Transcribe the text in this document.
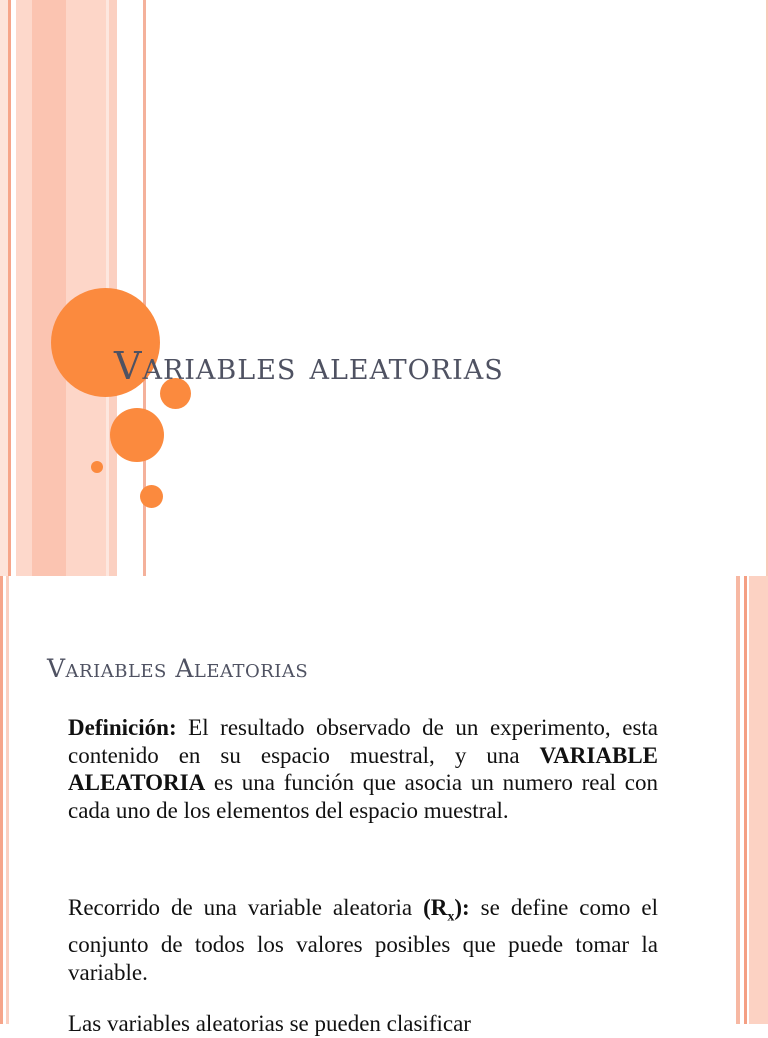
Variables aleatorias
Variables Aleatorias

Definición: El resultado observado de un experimento, esta contenido en su espacio muestral, y una VARIABLE ALEATORIA es una función que asocia un numero real con cada uno de los elementos del espacio muestral.

Recorrido de una variable aleatoria $(R_x)$: se define como el conjunto de todos los valores posibles que puede tomar la variable.

Las variables aleatorias se pueden clasificar
